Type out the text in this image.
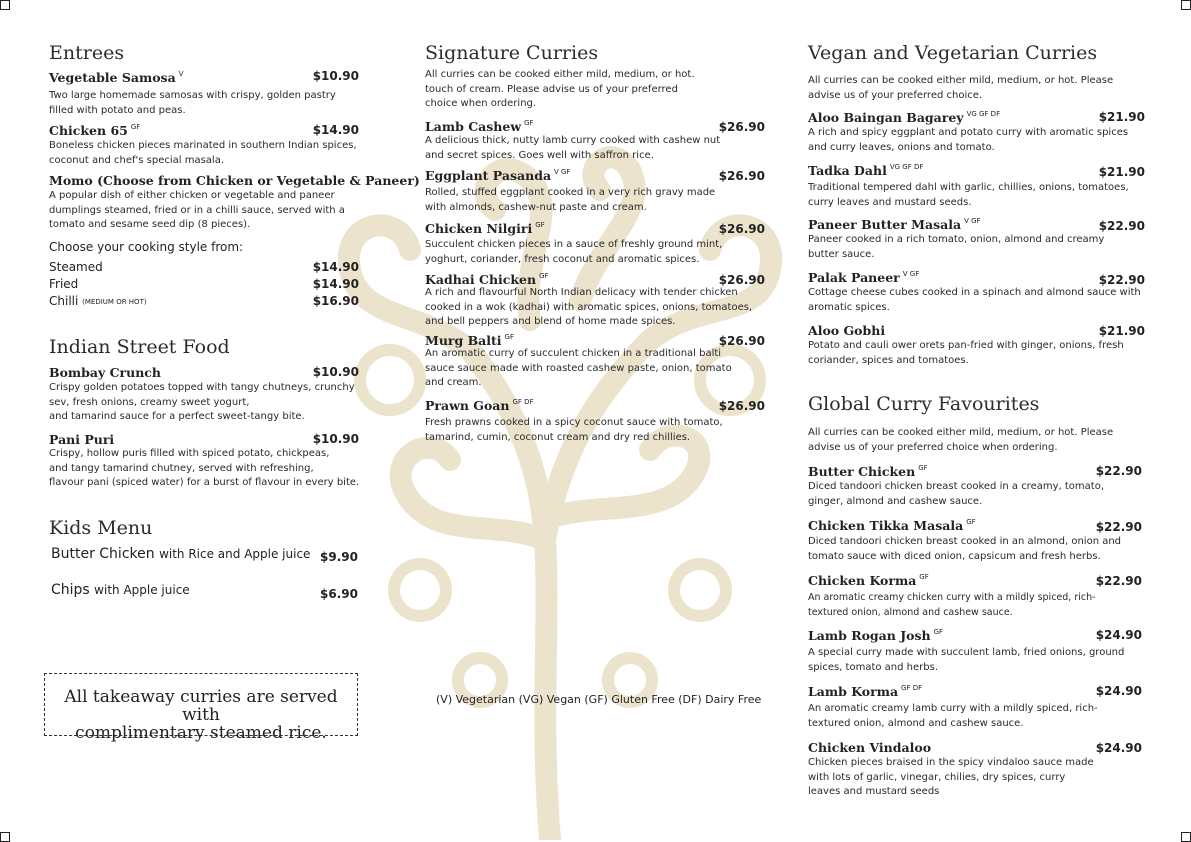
Entrees
Vegetable Samosa $^V$	$10.90
Two large homemade samosas with crispy, golden pastry
filled with potato and peas.
Chicken 65 $^{GF}$	$14.90
Boneless chicken pieces marinated in southern Indian spices,
coconut and chef's special masala.
Momo (Choose from Chicken or Vegetable & Paneer)
A popular dish of either chicken or vegetable and paneer
dumplings steamed, fried or in a chilli sauce, served with a
tomato and sesame seed dip (8 pieces).
Choose your cooking style from:
Steamed	$14.90
Fried	$14.90
Chilli (MEDIUM OR HOT)	$16.90
Indian Street Food
Bombay Crunch	$10.90
Crispy golden potatoes topped with tangy chutneys, crunchy
sev, fresh onions, creamy sweet yogurt,
and tamarind sauce for a perfect sweet-tangy bite.
Pani Puri	$10.90
Crispy, hollow puris filled with spiced potato, chickpeas,
and tangy tamarind chutney, served with refreshing,
flavour pani (spiced water) for a burst of flavour in every bite.
Kids Menu
Butter Chicken with Rice and Apple juice $9.90
Chips with Apple juice	$6.90
All takeaway curries are served with
complimentary steamed rice.
Signature Curries
All curries can be cooked either mild, medium, or hot.
touch of cream. Please advise us of your preferred
choice when ordering.
Lamb Cashew $^{GF}$	$26.90
A delicious thick, nutty lamb curry cooked with cashew nut
and secret spices. Goes well with saffron rice.
Eggplant Pasanda $^{V GF}$	$26.90
Rolled, stuffed eggplant cooked in a very rich gravy made
with almonds, cashew-nut paste and cream.
Chicken Nilgiri $^{GF}$	$26.90
Succulent chicken pieces in a sauce of freshly ground mint,
yoghurt, coriander, fresh coconut and aromatic spices.
Kadhai Chicken $^{GF}$	$26.90
A rich and flavourful North Indian delicacy with tender chicken
cooked in a wok (kadhai) with aromatic spices, onions, tomatoes,
and bell peppers and blend of home made spices.
Murg Balti $^{GF}$	$26.90
An aromatic curry of succulent chicken in a traditional balti
sauce sauce made with roasted cashew paste, onion, tomato
and cream.
Prawn Goan $^{GF DF}$	$26.90
Fresh prawns cooked in a spicy coconut sauce with tomato,
tamarind, cumin, coconut cream and dry red chillies.
(V) Vegetarian (VG) Vegan (GF) Gluten Free (DF) Dairy Free
Vegan and Vegetarian Curries
All curries can be cooked either mild, medium, or hot. Please
advise us of your preferred choice.
Aloo Baingan Bagarey $^{VG GF DF}$	$21.90
A rich and spicy eggplant and potato curry with aromatic spices
and curry leaves, onions and tomato.
Tadka Dahl $^{VG GF DF}$	$21.90
Traditional tempered dahl with garlic, chillies, onions, tomatoes,
curry leaves and mustard seeds.
Paneer Butter Masala $^{V GF}$	$22.90
Paneer cooked in a rich tomato, onion, almond and creamy
butter sauce.
Palak Paneer $^{V GF}$	$22.90
Cottage cheese cubes cooked in a spinach and almond sauce with
aromatic spices.
Aloo Gobhi	$21.90
Potato and cauli ower orets pan-fried with ginger, onions, fresh
coriander, spices and tomatoes.
Global Curry Favourites
All curries can be cooked either mild, medium, or hot. Please
advise us of your preferred choice when ordering.
Butter Chicken $^{GF}$	$22.90
Diced tandoori chicken breast cooked in a creamy, tomato,
ginger, almond and cashew sauce.
Chicken Tikka Masala $^{GF}$	$22.90
Diced tandoori chicken breast cooked in an almond, onion and
tomato sauce with diced onion, capsicum and fresh herbs.
Chicken Korma $^{GF}$	$22.90
An aromatic creamy chicken curry with a mildly spiced, rich-
textured onion, almond and cashew sauce.
Lamb Rogan Josh $^{GF}$	$24.90
A special curry made with succulent lamb, fried onions, ground
spices, tomato and herbs.
Lamb Korma $^{GF DF}$	$24.90
An aromatic creamy lamb curry with a mildly spiced, rich-
textured onion, almond and cashew sauce.
Chicken Vindaloo	$24.90
Chicken pieces braised in the spicy vindaloo sauce made
with lots of garlic, vinegar, chilies, dry spices, curry
leaves and mustard seeds
